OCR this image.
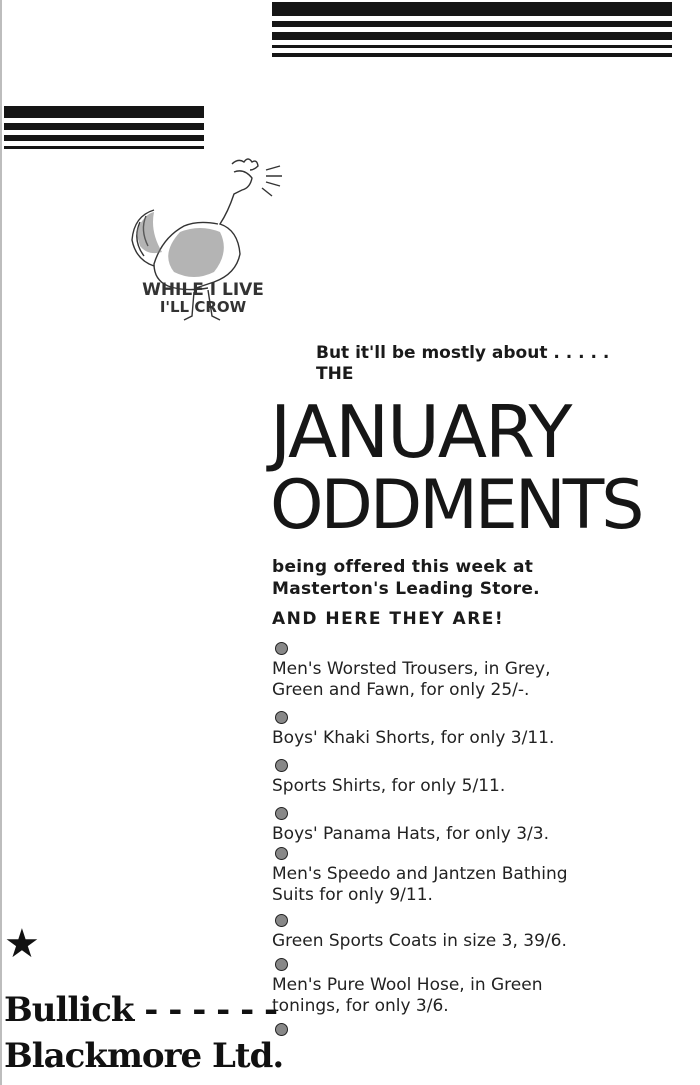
WHILE I LIVE
I'LL CROW
But it'll be mostly about . . . . .
THE
JANUARY
ODDMENTS
being offered this week at
Masterton's Leading Store.
AND HERE THEY ARE!
Men's Worsted Trousers, in Grey, Green and Fawn, for only 25/-.
Boys' Khaki Shorts, for only 3/11.
Sports Shirts, for only 5/11.
Boys' Panama Hats, for only 3/3.
Men's Speedo and Jantzen Bathing Suits for only 9/11.
Green Sports Coats in size 3, 39/6.
Men's Pure Wool Hose, in Green tonings, for only 3/6.
★
Bullick - - - - - -
Blackmore Ltd.
